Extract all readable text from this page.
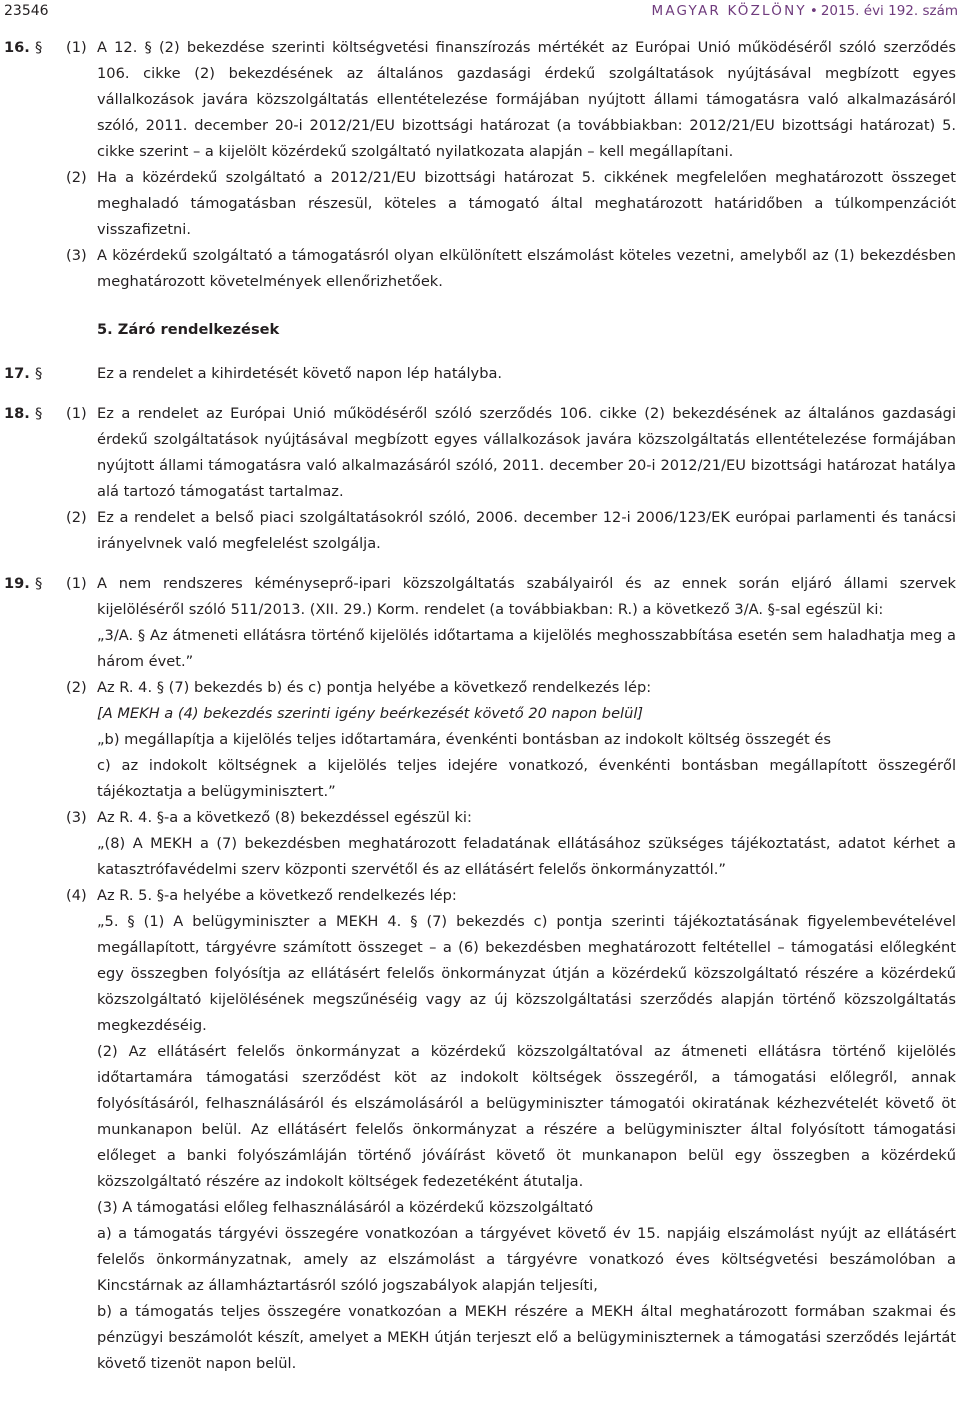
23546	MAGYAR KÖZLÖNY • 2015. évi 192. szám
16. § (1) A 12. § (2) bekezdése szerinti költségvetési finanszírozás mértékét az Európai Unió működéséről szóló szerződés 106. cikke (2) bekezdésének az általános gazdasági érdekű szolgáltatások nyújtásával megbízott egyes vállalkozások javára közszolgáltatás ellentételezése formájában nyújtott állami támogatásra való alkalmazásáról szóló, 2011. december 20-i 2012/21/EU bizottsági határozat (a továbbiakban: 2012/21/EU bizottsági határozat) 5. cikke szerint – a kijelölt közérdekű szolgáltató nyilatkozata alapján – kell megállapítani.
(2) Ha a közérdekű szolgáltató a 2012/21/EU bizottsági határozat 5. cikkének megfelelően meghatározott összeget meghaladó támogatásban részesül, köteles a támogató által meghatározott határidőben a túlkompenzációt visszafizetni.
(3) A közérdekű szolgáltató a támogatásról olyan elkülönített elszámolást köteles vezetni, amelyből az (1) bekezdésben meghatározott követelmények ellenőrizhetőek.
5. Záró rendelkezések
17. §	Ez a rendelet a kihirdetését követő napon lép hatályba.
18. § (1) Ez a rendelet az Európai Unió működéséről szóló szerződés 106. cikke (2) bekezdésének az általános gazdasági érdekű szolgáltatások nyújtásával megbízott egyes vállalkozások javára közszolgáltatás ellentételezése formájában nyújtott állami támogatásra való alkalmazásáról szóló, 2011. december 20-i 2012/21/EU bizottsági határozat hatálya alá tartozó támogatást tartalmaz.
(2) Ez a rendelet a belső piaci szolgáltatásokról szóló, 2006. december 12-i 2006/123/EK európai parlamenti és tanácsi irányelvnek való megfelelést szolgálja.
19. § (1) A nem rendszeres kéményseprő-ipari közszolgáltatás szabályairól és az ennek során eljáró állami szervek kijelöléséről szóló 511/2013. (XII. 29.) Korm. rendelet (a továbbiakban: R.) a következő 3/A. §-sal egészül ki:
„3/A. § Az átmeneti ellátásra történő kijelölés időtartama a kijelölés meghosszabbítása esetén sem haladhatja meg a három évet.”
(2) Az R. 4. § (7) bekezdés b) és c) pontja helyébe a következő rendelkezés lép:
[A MEKH a (4) bekezdés szerinti igény beérkezését követő 20 napon belül]
„b) megállapítja a kijelölés teljes időtartamára, évenkénti bontásban az indokolt költség összegét és
c) az indokolt költségnek a kijelölés teljes idejére vonatkozó, évenkénti bontásban megállapított összegéről tájékoztatja a belügyminisztert.”
(3) Az R. 4. §-a a következő (8) bekezdéssel egészül ki:
„(8) A MEKH a (7) bekezdésben meghatározott feladatának ellátásához szükséges tájékoztatást, adatot kérhet a katasztrófavédelmi szerv központi szervétől és az ellátásért felelős önkormányzattól.”
(4) Az R. 5. §-a helyébe a következő rendelkezés lép:
„5. § (1) A belügyminiszter a MEKH 4. § (7) bekezdés c) pontja szerinti tájékoztatásának figyelembevételével megállapított, tárgyévre számított összeget – a (6) bekezdésben meghatározott feltétellel – támogatási előlegként egy összegben folyósítja az ellátásért felelős önkormányzat útján a közérdekű közszolgáltató részére a közérdekű közszolgáltató kijelölésének megszűnéséig vagy az új közszolgáltatási szerződés alapján történő közszolgáltatás megkezdéséig.
(2) Az ellátásért felelős önkormányzat a közérdekű közszolgáltatóval az átmeneti ellátásra történő kijelölés időtartamára támogatási szerződést köt az indokolt költségek összegéről, a támogatási előlegről, annak folyósításáról, felhasználásáról és elszámolásáról a belügyminiszter támogatói okiratának kézhezvételét követő öt munkanapon belül. Az ellátásért felelős önkormányzat a részére a belügyminiszter által folyósított támogatási előleget a banki folyószámláján történő jóváírást követő öt munkanapon belül egy összegben a közérdekű közszolgáltató részére az indokolt költségek fedezetéként átutalja.
(3) A támogatási előleg felhasználásáról a közérdekű közszolgáltató
a) a támogatás tárgyévi összegére vonatkozóan a tárgyévet követő év 15. napjáig elszámolást nyújt az ellátásért felelős önkormányzatnak, amely az elszámolást a tárgyévre vonatkozó éves költségvetési beszámolóban a Kincstárnak az államháztartásról szóló jogszabályok alapján teljesíti,
b) a támogatás teljes összegére vonatkozóan a MEKH részére a MEKH által meghatározott formában szakmai és pénzügyi beszámolót készít, amelyet a MEKH útján terjeszt elő a belügyminiszternek a támogatási szerződés lejártát követő tizenöt napon belül.
